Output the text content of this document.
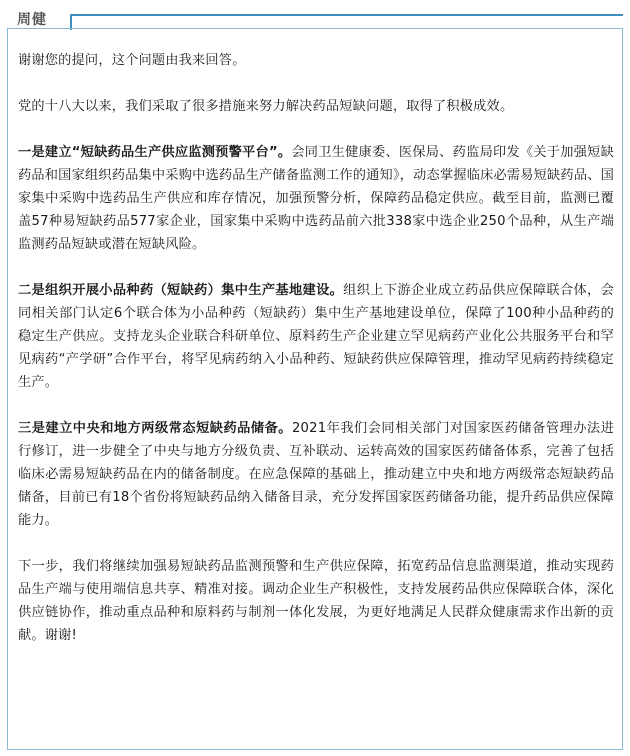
周健

谢谢您的提问，这个问题由我来回答。

党的十八大以来，我们采取了很多措施来努力解决药品短缺问题，取得了积极成效。

一是建立“短缺药品生产供应监测预警平台”。会同卫生健康委、医保局、药监局印发《关于加强短缺药品和国家组织药品集中采购中选药品生产储备监测工作的通知》，动态掌握临床必需易短缺药品、国家集中采购中选药品生产供应和库存情况，加强预警分析，保障药品稳定供应。截至目前，监测已覆盖57种易短缺药品577家企业，国家集中采购中选药品前六批338家中选企业250个品种，从生产端监测药品短缺或潜在短缺风险。

二是组织开展小品种药（短缺药）集中生产基地建设。组织上下游企业成立药品供应保障联合体，会同相关部门认定6个联合体为小品种药（短缺药）集中生产基地建设单位，保障了100种小品种药的稳定生产供应。支持龙头企业联合科研单位、原料药生产企业建立罕见病药产业化公共服务平台和罕见病药“产学研”合作平台，将罕见病药纳入小品种药、短缺药供应保障管理，推动罕见病药持续稳定生产。

三是建立中央和地方两级常态短缺药品储备。2021年我们会同相关部门对国家医药储备管理办法进行修订，进一步健全了中央与地方分级负责、互补联动、运转高效的国家医药储备体系，完善了包括临床必需易短缺药品在内的储备制度。在应急保障的基础上，推动建立中央和地方两级常态短缺药品储备，目前已有18个省份将短缺药品纳入储备目录，充分发挥国家医药储备功能，提升药品供应保障能力。

下一步，我们将继续加强易短缺药品监测预警和生产供应保障，拓宽药品信息监测渠道，推动实现药品生产端与使用端信息共享、精准对接。调动企业生产积极性，支持发展药品供应保障联合体，深化供应链协作，推动重点品种和原料药与制剂一体化发展，为更好地满足人民群众健康需求作出新的贡献。谢谢!
